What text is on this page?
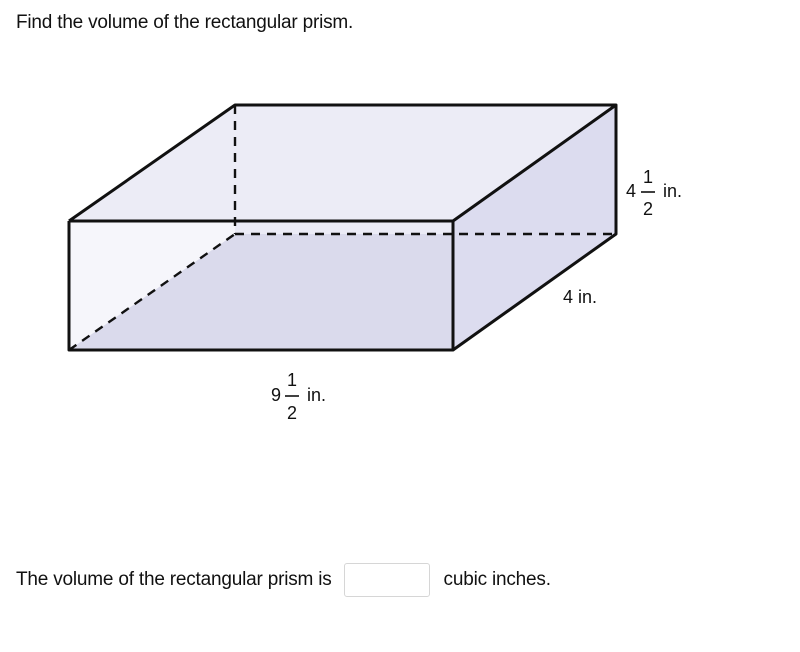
Find the volume of the rectangular prism.
4
1
2
in.
4 in.
9
1
2
in.
The volume of the rectangular prism is	cubic inches.
